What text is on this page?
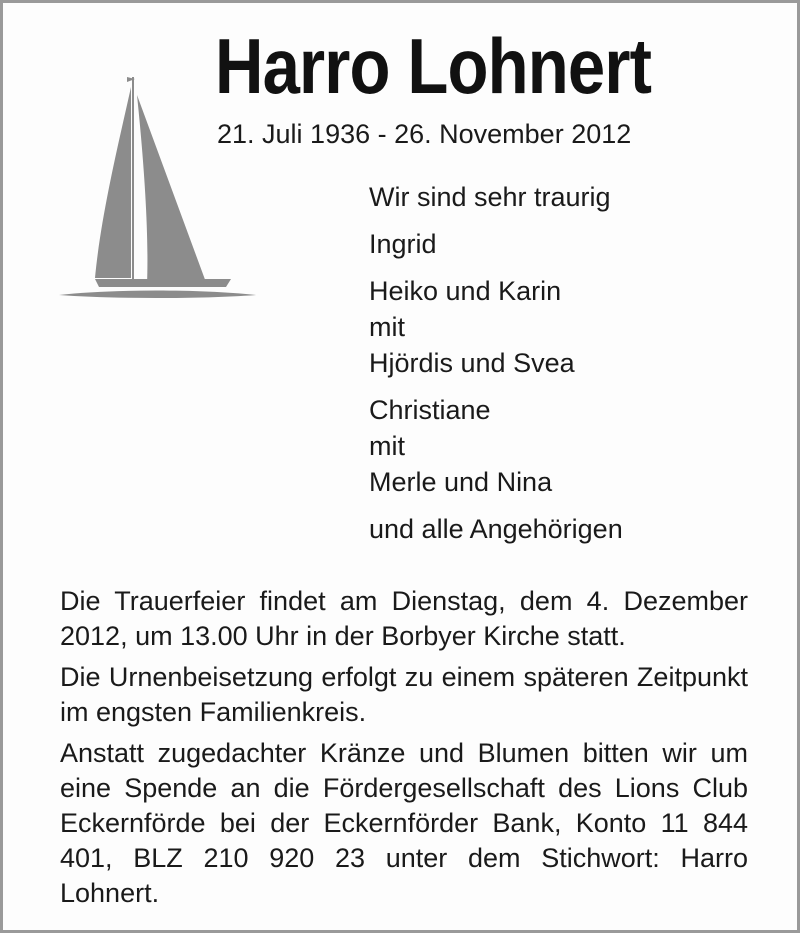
Harro Lohnert
21. Juli 1936 - 26. November 2012
Wir sind sehr traurig
Ingrid
Heiko und Karin
mit
Hjördis und Svea
Christiane
mit
Merle und Nina
und alle Angehörigen

Die Trauerfeier findet am Dienstag, dem 4. Dezember 2012, um 13.00 Uhr in der Borbyer Kirche statt.

Die Urnenbeisetzung erfolgt zu einem späteren Zeitpunkt im engsten Familienkreis.

Anstatt zugedachter Kränze und Blumen bitten wir um eine Spende an die Fördergesellschaft des Lions Club Eckernförde bei der Eckernförder Bank, Konto 11 844 401, BLZ 210 920 23 unter dem Stichwort: Harro Lohnert.
